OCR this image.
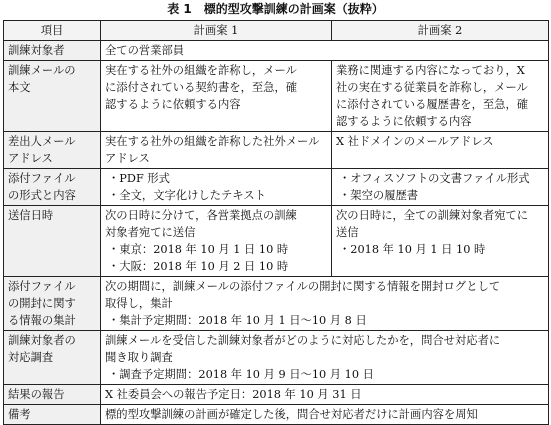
表 1　標的型攻撃訓練の計画案（抜粋）
項目	計画案 1	計画案 2

訓練対象者	全ての営業部員	

訓練メールの
本文	実在する社外の組織を詐称し，メール
に添付されている契約書を，至急，確
認するように依頼する内容	業務に関連する内容になっており，X
社の実在する従業員を詐称し，メール
に添付されている履歴書を，至急，確
認するように依頼する内容

差出人メール
アドレス	実在する社外の組織を詐称した社外メール
アドレス	X 社ドメインのメールアドレス

添付ファイル
の形式と内容	・PDF 形式
・全文，文字化けしたテキスト	・オフィスソフトの文書ファイル形式
・架空の履歴書

送信日時	次の日時に分けて，各営業拠点の訓練
対象者宛てに送信
・東京：2018 年 10 月 1 日 10 時
・大阪：2018 年 10 月 2 日 10 時	次の日時に，全ての訓練対象者宛てに
送信
・2018 年 10 月 1 日 10 時

添付ファイル
の開封に関す
る情報の集計	次の期間に，訓練メールの添付ファイルの開封に関する情報を開封ログとして
取得し，集計
・集計予定期間：2018 年 10 月 1 日～10 月 8 日	

訓練対象者の
対応調査	訓練メールを受信した訓練対象者がどのように対応したかを，問合せ対応者に
聞き取り調査
・調査予定期間：2018 年 10 月 9 日～10 月 10 日	

結果の報告	X 社委員会への報告予定日：2018 年 10 月 31 日	

備考	標的型攻撃訓練の計画が確定した後，問合せ対応者だけに計画内容を周知	
